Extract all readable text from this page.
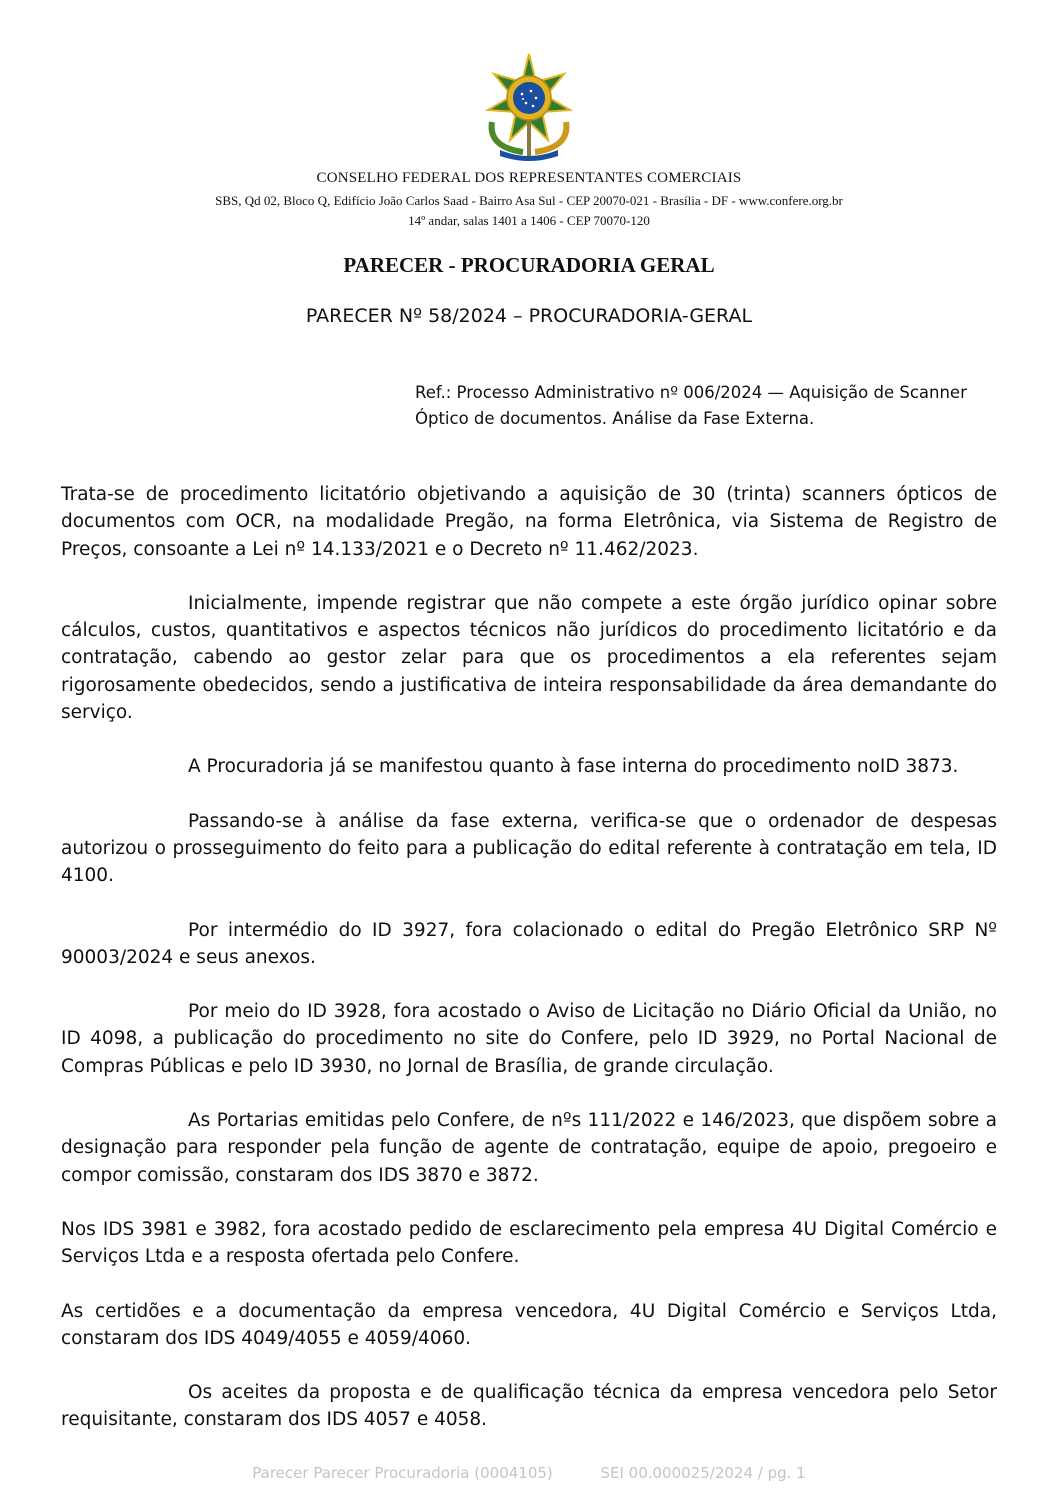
CONSELHO FEDERAL DOS REPRESENTANTES COMERCIAIS
SBS, Qd 02, Bloco Q, Edifício João Carlos Saad - Bairro Asa Sul - CEP 20070-021 - Brasília - DF - www.confere.org.br
14º andar, salas 1401 a 1406 - CEP 70070-120
PARECER - PROCURADORIA GERAL
PARECER Nº 58/2024 – PROCURADORIA-GERAL
Ref.: Processo Administrativo nº 006/2024 — Aquisição de Scanner Óptico de documentos. Análise da Fase Externa.

Trata-se de procedimento licitatório objetivando a aquisição de 30 (trinta) scanners ópticos de documentos com OCR, na modalidade Pregão, na forma Eletrônica, via Sistema de Registro de Preços, consoante a Lei nº 14.133/2021 e o Decreto nº 11.462/2023.

Inicialmente, impende registrar que não compete a este órgão jurídico opinar sobre cálculos, custos, quantitativos e aspectos técnicos não jurídicos do procedimento licitatório e da contratação, cabendo ao gestor zelar para que os procedimentos a ela referentes sejam rigorosamente obedecidos, sendo a justificativa de inteira responsabilidade da área demandante do serviço.

A Procuradoria já se manifestou quanto à fase interna do procedimento noID 3873.

Passando-se à análise da fase externa, verifica-se que o ordenador de despesas autorizou o prosseguimento do feito para a publicação do edital referente à contratação em tela, ID 4100.

Por intermédio do ID 3927, fora colacionado o edital do Pregão Eletrônico SRP Nº 90003/2024 e seus anexos.

Por meio do ID 3928, fora acostado o Aviso de Licitação no Diário Oficial da União, no ID 4098, a publicação do procedimento no site do Confere, pelo ID 3929, no Portal Nacional de Compras Públicas e pelo ID 3930, no Jornal de Brasília, de grande circulação.

As Portarias emitidas pelo Confere, de nºs 111/2022 e 146/2023, que dispõem sobre a designação para responder pela função de agente de contratação, equipe de apoio, pregoeiro e compor comissão, constaram dos IDS 3870 e 3872.

Nos IDS 3981 e 3982, fora acostado pedido de esclarecimento pela empresa 4U Digital Comércio e Serviços Ltda e a resposta ofertada pelo Confere.

As certidões e a documentação da empresa vencedora, 4U Digital Comércio e Serviços Ltda, constaram dos IDS 4049/4055 e 4059/4060.

Os aceites da proposta e de qualificação técnica da empresa vencedora pelo Setor requisitante, constaram dos IDS 4057 e 4058.

Parecer Parecer Procuradoria (0004105)	SEI 00.000025/2024 / pg. 1
